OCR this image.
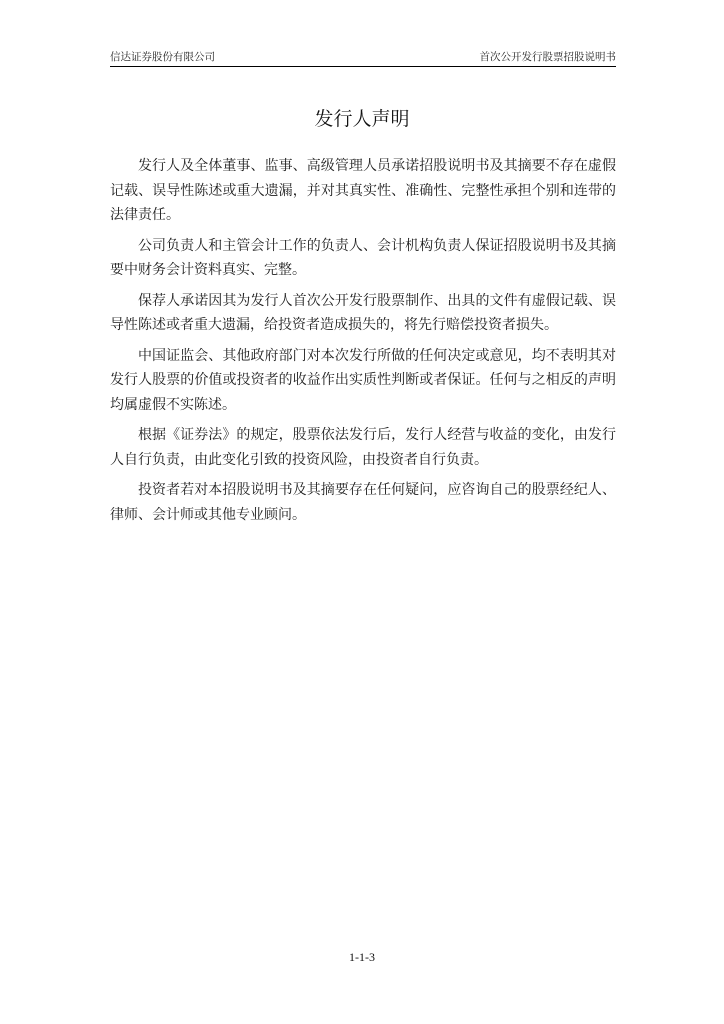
信达证券股份有限公司	首次公开发行股票招股说明书
发行人声明

发行人及全体董事、监事、高级管理人员承诺招股说明书及其摘要不存在虚假记载、误导性陈述或重大遗漏，并对其真实性、准确性、完整性承担个别和连带的法律责任。

公司负责人和主管会计工作的负责人、会计机构负责人保证招股说明书及其摘要中财务会计资料真实、完整。

保荐人承诺因其为发行人首次公开发行股票制作、出具的文件有虚假记载、误导性陈述或者重大遗漏，给投资者造成损失的，将先行赔偿投资者损失。

中国证监会、其他政府部门对本次发行所做的任何决定或意见，均不表明其对发行人股票的价值或投资者的收益作出实质性判断或者保证。任何与之相反的声明均属虚假不实陈述。

根据《证券法》的规定，股票依法发行后，发行人经营与收益的变化，由发行人自行负责，由此变化引致的投资风险，由投资者自行负责。

投资者若对本招股说明书及其摘要存在任何疑问，应咨询自己的股票经纪人、律师、会计师或其他专业顾问。

1-1-3
